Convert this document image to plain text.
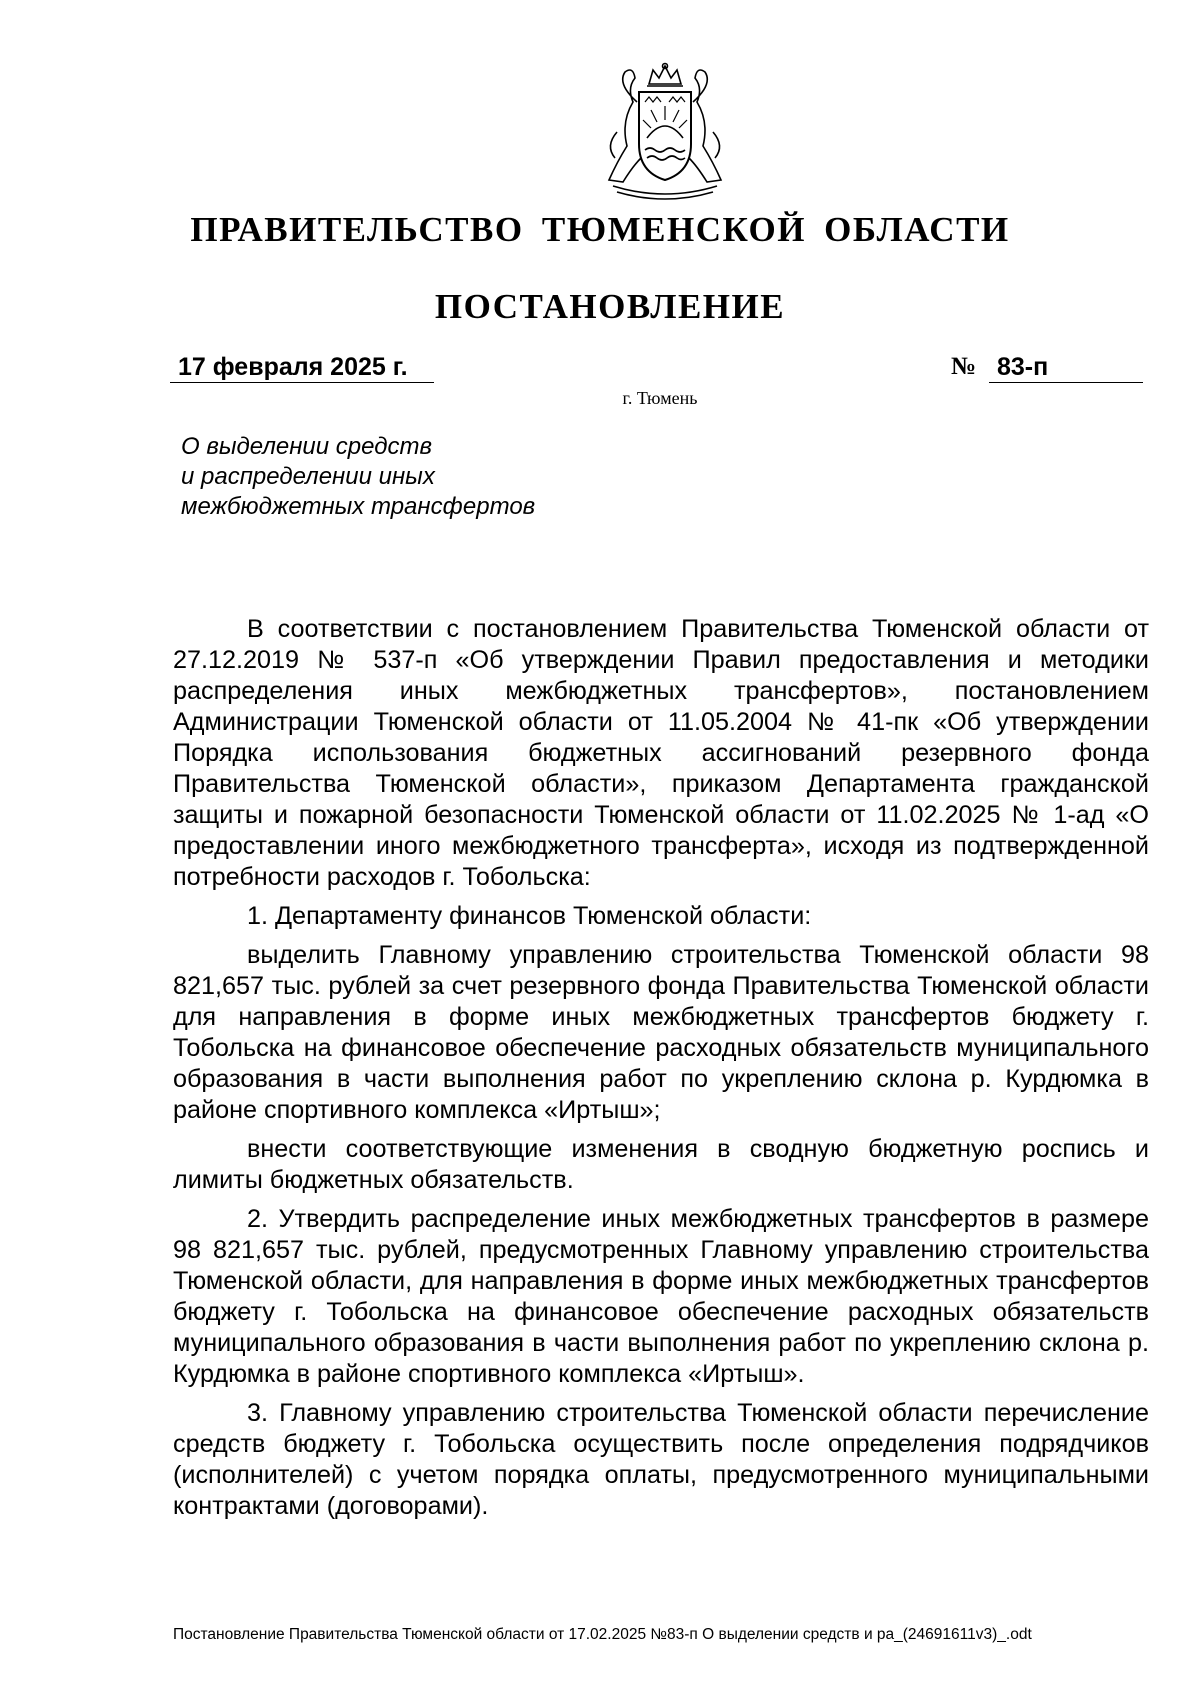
ПРАВИТЕЛЬСТВО ТЮМЕНСКОЙ ОБЛАСТИ
ПОСТАНОВЛЕНИЕ
17 февраля 2025 г.	№ 83-п
г. Тюмень
О выделении средств
и распределении иных
межбюджетных трансфертов

В соответствии с постановлением Правительства Тюменской области от 27.12.2019 № 537-п «Об утверждении Правил предоставления и методики распределения иных межбюджетных трансфертов», постановлением Администрации Тюменской области от 11.05.2004 № 41-пк «Об утверждении Порядка использования бюджетных ассигнований резервного фонда Правительства Тюменской области», приказом Департамента гражданской защиты и пожарной безопасности Тюменской области от 11.02.2025 № 1-ад «О предоставлении иного межбюджетного трансферта», исходя из подтвержденной потребности расходов г. Тобольска:

1. Департаменту финансов Тюменской области:

выделить Главному управлению строительства Тюменской области 98 821,657 тыс. рублей за счет резервного фонда Правительства Тюменской области для направления в форме иных межбюджетных трансфертов бюджету г. Тобольска на финансовое обеспечение расходных обязательств муниципального образования в части выполнения работ по укреплению склона р. Курдюмка в районе спортивного комплекса «Иртыш»;

внести соответствующие изменения в сводную бюджетную роспись и лимиты бюджетных обязательств.

2. Утвердить распределение иных межбюджетных трансфертов в размере 98 821,657 тыс. рублей, предусмотренных Главному управлению строительства Тюменской области, для направления в форме иных межбюджетных трансфертов бюджету г. Тобольска на финансовое обеспечение расходных обязательств муниципального образования в части выполнения работ по укреплению склона р. Курдюмка в районе спортивного комплекса «Иртыш».

3. Главному управлению строительства Тюменской области перечисление средств бюджету г. Тобольска осуществить после определения подрядчиков (исполнителей) с учетом порядка оплаты, предусмотренного муниципальными контрактами (договорами).

Постановление Правительства Тюменской области от 17.02.2025 №83-п О выделении средств и ра_(24691611v3)_.odt
